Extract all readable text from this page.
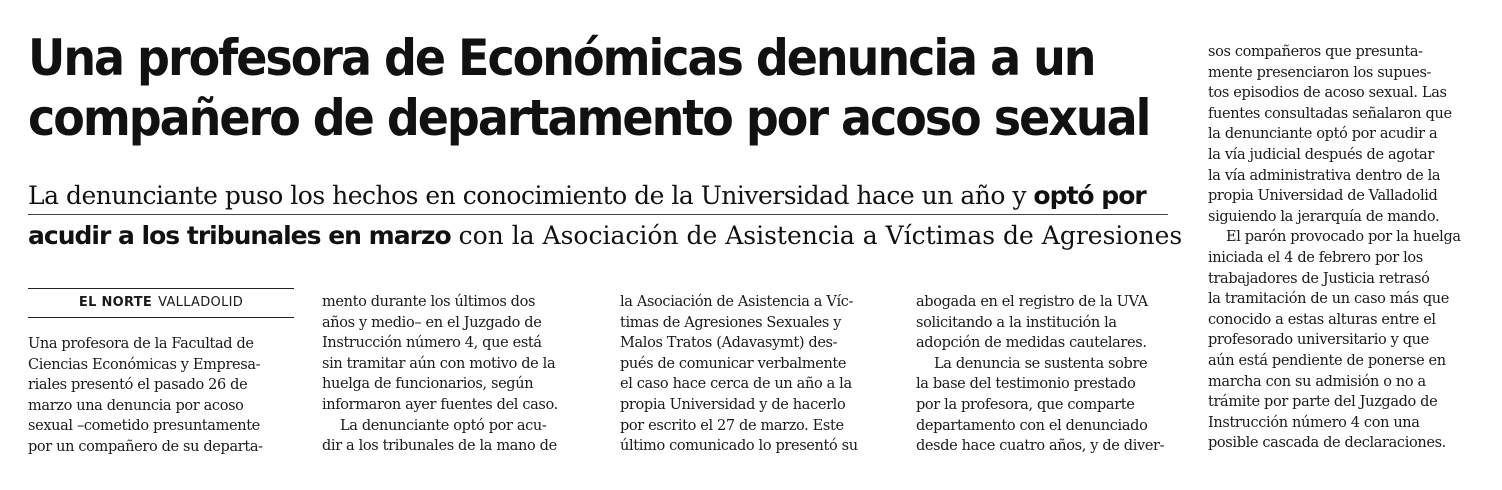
Una profesora de Económicas denuncia a un
compañero de departamento por acoso sexual
La denunciante puso los hechos en conocimiento de la Universidad hace un año y optó por
acudir a los tribunales en marzo con la Asociación de Asistencia a Víctimas de Agresiones
EL NORTE VALLADOLID
Una profesora de la Facultad de
Ciencias Económicas y Empresa-
riales presentó el pasado 26 de
marzo una denuncia por acoso
sexual –cometido presuntamente
por un compañero de su departa-
mento durante los últimos dos
años y medio– en el Juzgado de
Instrucción número 4, que está
sin tramitar aún con motivo de la
huelga de funcionarios, según
informaron ayer fuentes del caso.
La denunciante optó por acu-
dir a los tribunales de la mano de
la Asociación de Asistencia a Víc-
timas de Agresiones Sexuales y
Malos Tratos (Adavasymt) des-
pués de comunicar verbalmente
el caso hace cerca de un año a la
propia Universidad y de hacerlo
por escrito el 27 de marzo. Este
último comunicado lo presentó su
abogada en el registro de la UVA
solicitando a la institución la
adopción de medidas cautelares.
La denuncia se sustenta sobre
la base del testimonio prestado
por la profesora, que comparte
departamento con el denunciado
desde hace cuatro años, y de diver-
sos compañeros que presunta-
mente presenciaron los supues-
tos episodios de acoso sexual. Las
fuentes consultadas señalaron que
la denunciante optó por acudir a
la vía judicial después de agotar
la vía administrativa dentro de la
propia Universidad de Valladolid
siguiendo la jerarquía de mando.
El parón provocado por la huelga
iniciada el 4 de febrero por los
trabajadores de Justicia retrasó
la tramitación de un caso más que
conocido a estas alturas entre el
profesorado universitario y que
aún está pendiente de ponerse en
marcha con su admisión o no a
trámite por parte del Juzgado de
Instrucción número 4 con una
posible cascada de declaraciones.
